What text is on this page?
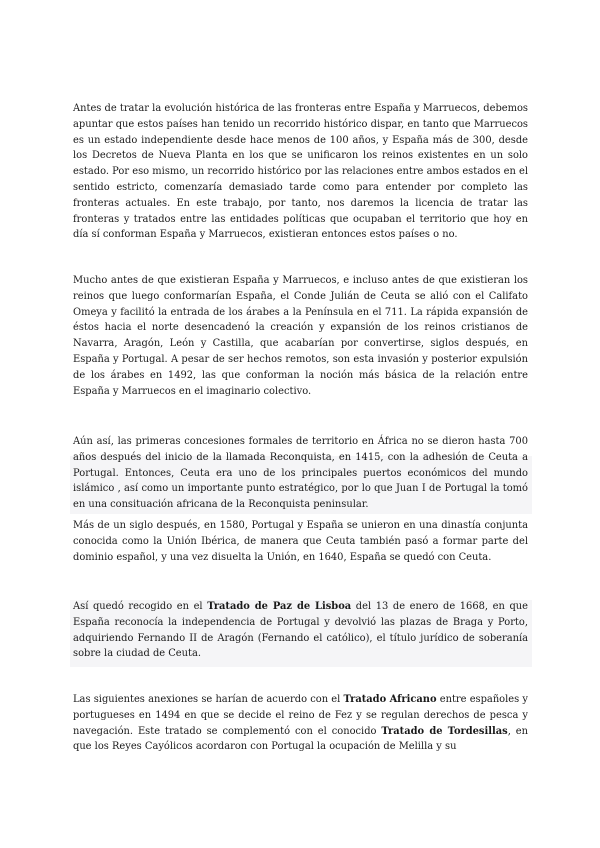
Antes de tratar la evolución histórica de las fronteras entre España y Marruecos, debemos apuntar que estos países han tenido un recorrido histórico dispar, en tanto que Marruecos es un estado independiente desde hace menos de 100 años, y España más de 300, desde los Decretos de Nueva Planta en los que se unificaron los reinos existentes en un solo estado. Por eso mismo, un recorrido histórico por las relaciones entre ambos estados en el sentido estricto, comenzaría demasiado tarde como para entender por completo las fronteras actuales. En este trabajo, por tanto, nos daremos la licencia de tratar las fronteras y tratados entre las entidades políticas que ocupaban el territorio que hoy en día sí conforman España y Marruecos, existieran entonces estos países o no.

Mucho antes de que existieran España y Marruecos, e incluso antes de que existieran los reinos que luego conformarían España, el Conde Julián de Ceuta se alió con el Califato Omeya y facilitó la entrada de los árabes a la Península en el 711. La rápida expansión de éstos hacia el norte desencadenó la creación y expansión de los reinos cristianos de Navarra, Aragón, León y Castilla, que acabarían por convertirse, siglos después, en España y Portugal. A pesar de ser hechos remotos, son esta invasión y posterior expulsión de los árabes en 1492, las que conforman la noción más básica de la relación entre España y Marruecos en el imaginario colectivo.

Aún así, las primeras concesiones formales de territorio en África no se dieron hasta 700 años después del inicio de la llamada Reconquista, en 1415, con la adhesión de Ceuta a Portugal. Entonces, Ceuta era uno de los principales puertos económicos del mundo islámico , así como un importante punto estratégico, por lo que Juan I de Portugal la tomó en una consituación africana de la Reconquista peninsular.

Más de un siglo después, en 1580, Portugal y España se unieron en una dinastía conjunta conocida como la Unión Ibérica, de manera que Ceuta también pasó a formar parte del dominio español, y una vez disuelta la Unión, en 1640, España se quedó con Ceuta.

Así quedó recogido en el Tratado de Paz de Lisboa del 13 de enero de 1668, en que España reconocía la independencia de Portugal y devolvió las plazas de Braga y Porto, adquiriendo Fernando II de Aragón (Fernando el católico), el título jurídico de soberanía sobre la ciudad de Ceuta.

Las siguientes anexiones se harían de acuerdo con el Tratado Africano entre españoles y portugueses en 1494 en que se decide el reino de Fez y se regulan derechos de pesca y navegación. Este tratado se complementó con el conocido Tratado de Tordesillas, en que los Reyes Cayólicos acordaron con Portugal la ocupación de Melilla y su
